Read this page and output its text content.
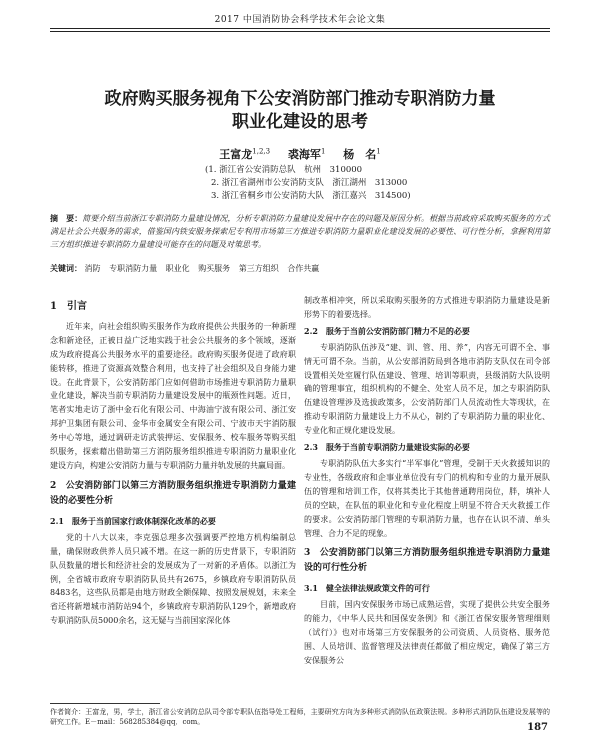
2017 中国消防协会科学技术年会论文集
政府购买服务视角下公安消防部门推动专职消防力量
职业化建设的思考
王富龙$^{1,2,3}$ 裘海军$^1$ 杨　名$^1$
(1. 浙江省公安消防总队　杭州　310000
2. 浙江省湖州市公安消防支队　浙江湖州　313000
3. 浙江省桐乡市公安消防大队　浙江嘉兴　314500)
摘　要：简要介绍当前浙江专职消防力量建设情况，分析专职消防力量建设发展中存在的问题及原因分析。根据当前政府采取购买服务的方式满足社会公共服务的需求，借鉴国内铁安服务探索尼专利用市场第三方推进专职消防力量职业化建设发展的必要性、可行性分析，拿握利用第三方组织推进专职消防力量建设可能存在的问题及对策思考。
关键词： 消防 专职消防力量 职业化 购买服务 第三方组织 合作共赢
1　引言

近年来，向社会组织购买服务作为政府提供公共服务的一种新理念和新途径，正被日益广泛地实践于社会公共服务的多个领域，逐渐成为政府提高公共服务水平的重要途径。政府购买服务促进了政府职能转移，推进了资源高效整合利用，也支持了社会组织及自身能力建设。在此背景下，公安消防部门应如何借助市场推进专职消防力量职业化建设，解决当前专职消防力量建设发展中的瓶颈性问题。近日，笔者实地走访了浙中金石化有限公司、中海油宁波有限公司、浙江安邦护卫集团有限公司、金华市金属安全有限公司、宁波市天宇消防服务中心等地，通过调研走访武装押运、安保服务、校车服务等购买组织服务，探索藉出借助第三方消防服务组织推进专职消防力量职业化建设方向，构建公安消防力量与专职消防力量并轨发展的共赢局面。

2　公安消防部门以第三方消防服务组织推进专职消防力量建设的必要性分析
2.1　服务于当前国家行政体制深化改革的必要

党的十八大以来，李克强总理多次强调要严控地方机构编制总量，确保财政供养人员只减不增。在这一新的历史背景下，专职消防队员数量的增长和经济社会的发展成为了一对新的矛盾体。以浙江为例，全省城市政府专职消防队员共有2675，乡镇政府专职消防队员8483名，这些队员都是由地方财政全额保障、按照发展规划，未来全省还将新增城市消防站94个，乡镇政府专职消防队129个，新增政府专职消防队员5000余名，这无疑与当前国家深化体

制改革相冲突，所以采取购买服务的方式推进专职消防力量建设是新形势下的着要选择。

2.2　服务于当前公安消防部门精力不足的必要

专职消防队伍涉及“建、训、管、用、养”，内容无可谓不全、事情无可谓不杂。当前，从公安部消防局到各地市消防支队仅在司令部设置相关处室履行队伍建设、管理、培训等职责，县级消防大队设明确的管理事宜，组织机构的不健全、处室人员不足，加之专职消防队伍建设管理涉及选拔政策多，公安消防部门人员流动性大等现状，在推动专职消防力量建设上力不从心，制约了专职消防力量的职业化、专业化和正规化建设发展。

2.3　服务于当前专职消防力量建设实际的必要

专职消防队伍大多实行“半军事化”管理，受制于天火救援知识的专业性，各级政府和企事业单位没有专门的机构和专业的力量开展队伍的管理和培训工作，仅将其类比于其他普通聘用岗位，胖，填补人员的空缺，在队伍的职业化和专业化程度上明显不符合天火救援工作的要求。公安消防部门管理的专职消防力量，也存在认识不清、单头管理、合力不足的现象。

3　公安消防部门以第三方消防服务组织推进专职消防力量建设的可行性分析
3.1　健全法律法规政策文件的可行

目前，国内安保服务市场已成熟运营，实现了提供公共安全服务的能力，《中华人民共和国保安条例》和《浙江省保安服务管理细则（试行）》也对市场第三方安保服务的公司资质、人员资格、服务范围、人员培训、监督管理及法律责任都做了相应规定，确保了第三方安保服务公

作者简介：王富龙，男，学士，浙江省公安消防总队司令部专职队伍指导处工程师，主要研究方向为多种形式消防队伍政策法规。多种形式消防队伍建设发展等的研究工作。E－mail：568285384@qq．com。	187
